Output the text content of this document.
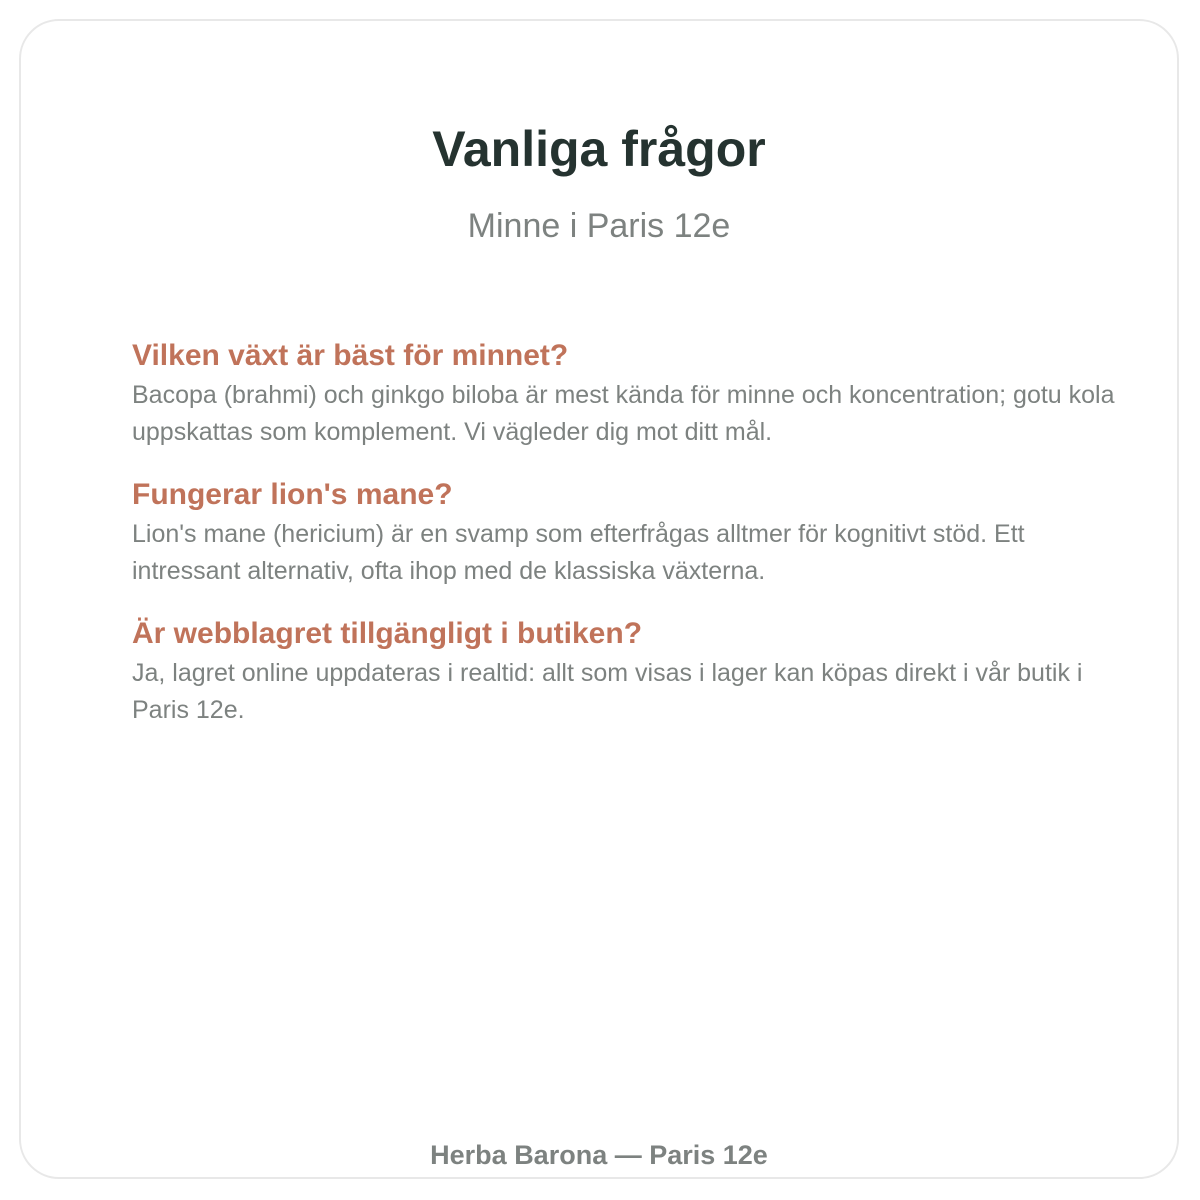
Vanliga frågor
Minne i Paris 12e
Vilken växt är bäst för minnet?

Bacopa (brahmi) och ginkgo biloba är mest kända för minne och koncentration; gotu kola uppskattas som komplement. Vi vägleder dig mot ditt mål.

Fungerar lion's mane?

Lion's mane (hericium) är en svamp som efterfrågas alltmer för kognitivt stöd. Ett intressant alternativ, ofta ihop med de klassiska växterna.

Är webblagret tillgängligt i butiken?

Ja, lagret online uppdateras i realtid: allt som visas i lager kan köpas direkt i vår butik i Paris 12e.

Herba Barona — Paris 12e
